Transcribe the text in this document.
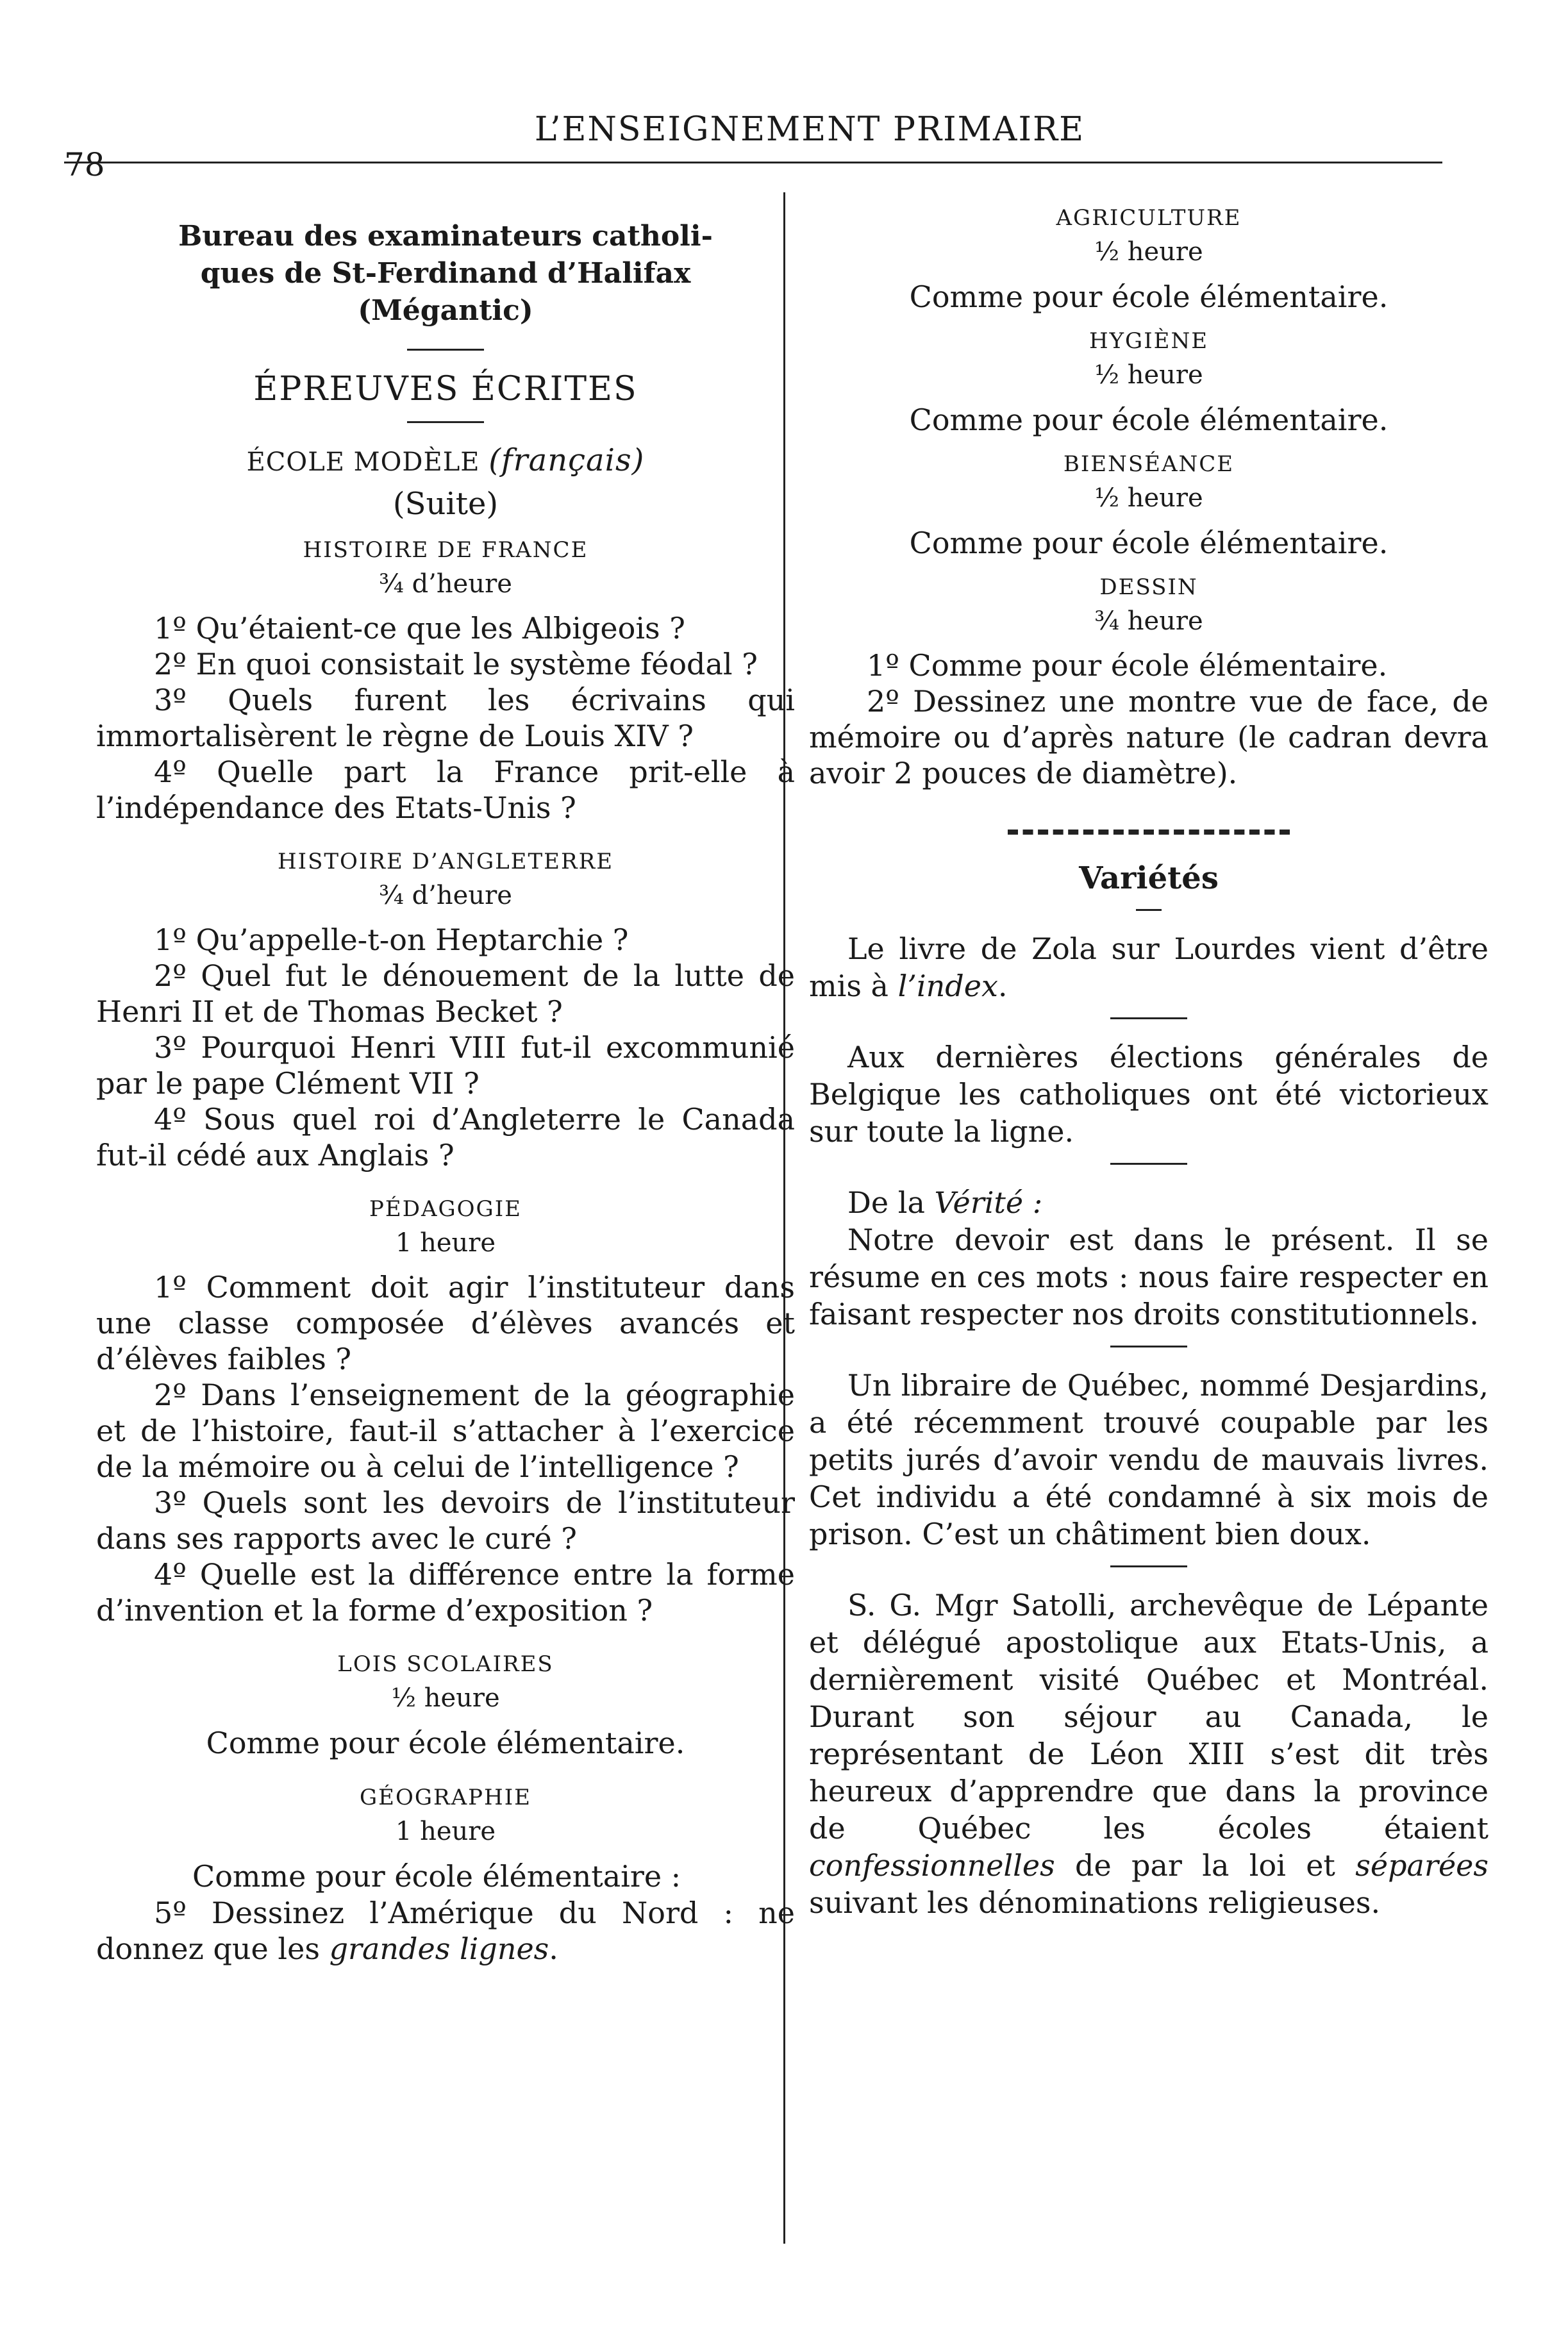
78
L’ENSEIGNEMENT PRIMAIRE
Bureau des examinateurs catholi-
ques de St-Ferdinand d’Halifax
(Mégantic)
ÉPREUVES ÉCRITES
ÉCOLE MODÈLE (français)
(Suite)
HISTOIRE DE FRANCE
¾ d’heure

1º Qu’étaient-ce que les Albigeois ?

2º En quoi consistait le système féodal ?

3º Quels furent les écrivains qui immortalisèrent le règne de Louis XIV ?

4º Quelle part la France prit-elle à l’indépendance des Etats-Unis ?

HISTOIRE D’ANGLETERRE
¾ d’heure

1º Qu’appelle-t-on Heptarchie ?

2º Quel fut le dénouement de la lutte de Henri II et de Thomas Becket ?

3º Pourquoi Henri VIII fut-il excommunié par le pape Clément VII ?

4º Sous quel roi d’Angleterre le Canada fut-il cédé aux Anglais ?

PÉDAGOGIE
1 heure

1º Comment doit agir l’instituteur dans une classe composée d’élèves avancés et d’élèves faibles ?

2º Dans l’enseignement de la géographie et de l’histoire, faut-il s’attacher à l’exercice de la mémoire ou à celui de l’intelligence ?

3º Quels sont les devoirs de l’instituteur dans ses rapports avec le curé ?

4º Quelle est la différence entre la forme d’invention et la forme d’exposition ?

LOIS SCOLAIRES
½ heure

Comme pour école élémentaire.

GÉOGRAPHIE
1 heure

Comme pour école élémentaire :

5º Dessinez l’Amérique du Nord : ne donnez que les grandes lignes.

AGRICULTURE
½ heure

Comme pour école élémentaire.

HYGIÈNE
½ heure

Comme pour école élémentaire.

BIENSÉANCE
½ heure

Comme pour école élémentaire.

DESSIN
¾ heure

1º Comme pour école élémentaire.

2º Dessinez une montre vue de face, de mémoire ou d’après nature (le cadran devra avoir 2 pouces de diamètre).

Variétés

Le livre de Zola sur Lourdes vient d’être mis à l’index.

Aux dernières élections générales de Belgique les catholiques ont été victorieux sur toute la ligne.

De la Vérité :

Notre devoir est dans le présent. Il se résume en ces mots : nous faire respecter en faisant respecter nos droits constitutionnels.

Un libraire de Québec, nommé Desjardins, a été récemment trouvé coupable par les petits jurés d’avoir vendu de mauvais livres. Cet individu a été condamné à six mois de prison. C’est un châtiment bien doux.

S. G. Mgr Satolli, archevêque de Lépante et délégué apostolique aux Etats-Unis, a dernièrement visité Québec et Montréal. Durant son séjour au Canada, le représentant de Léon XIII s’est dit très heureux d’apprendre que dans la province de Québec les écoles étaient confessionnelles de par la loi et séparées suivant les dénominations religieuses.
